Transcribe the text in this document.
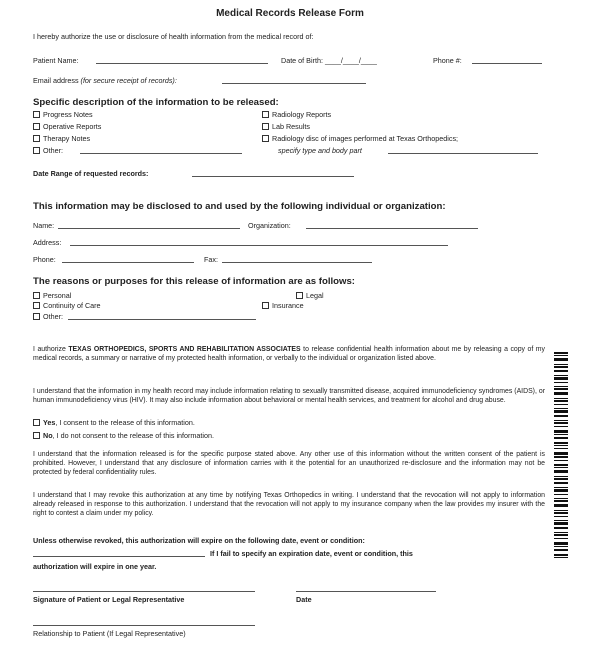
Medical Records Release Form
I hereby authorize the use or disclosure of health information from the medical record of:
Patient Name:	Date of Birth: ____/____/____	Phone #:
Email address (for secure receipt of records):
Specific description of the information to be released:
Progress Notes
Operative Reports
Therapy Notes
Other:
Radiology Reports
Lab Results
Radiology disc of images performed at Texas Orthopedics;
specify type and body part
Date Range of requested records:
This information may be disclosed to and used by the following individual or organization:
Name:	Organization:
Address:
Phone:	Fax:
The reasons or purposes for this release of information are as follows:
Personal	Legal
Continuity of Care	Insurance
Other:
I authorize TEXAS ORTHOPEDICS, SPORTS AND REHABILITATION ASSOCIATES to release confidential health information about me by releasing a copy of my medical records, a summary or narrative of my protected health information, or verbally to the individual or organization listed above.
I understand that the information in my health record may include information relating to sexually transmitted disease, acquired immunodeficiency syndromes (AIDS), or human immunodeficiency virus (HIV). It may also include information about behavioral or mental health services, and treatment for alcohol and drug abuse.
Yes, I consent to the release of this information.
No, I do not consent to the release of this information.
I understand that the information released is for the specific purpose stated above. Any other use of this information without the written consent of the patient is prohibited. However, I understand that any disclosure of information carries with it the potential for an unauthorized re-disclosure and the information may not be protected by federal confidentiality rules.
I understand that I may revoke this authorization at any time by notifying Texas Orthopedics in writing. I understand that the revocation will not apply to information already released in response to this authorization. I understand that the revocation will not apply to my insurance company when the law provides my insurer with the right to contest a claim under my policy.
Unless otherwise revoked, this authorization will expire on the following date, event or condition:
If I fail to specify an expiration date, event or condition, this
authorization will expire in one year.
Signature of Patient or Legal Representative	Date
Relationship to Patient (If Legal Representative)
